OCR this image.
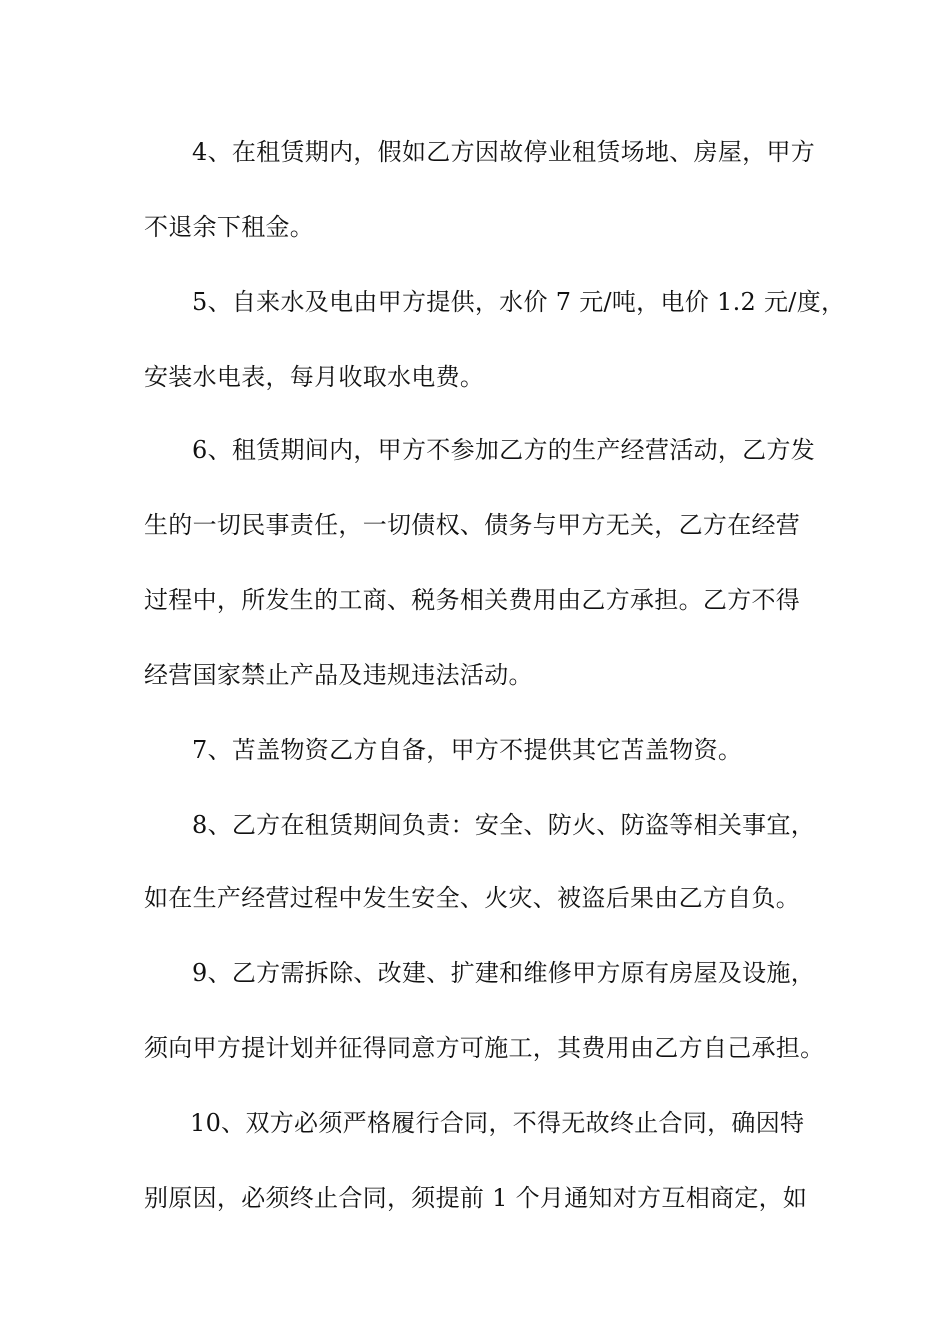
4、在租赁期内，假如乙方因故停业租赁场地、房屋，甲方
不退余下租金。
5、自来水及电由甲方提供，水价 7 元/吨，电价 1.2 元/度，
安装水电表，每月收取水电费。
6、租赁期间内，甲方不参加乙方的生产经营活动，乙方发
生的一切民事责任，一切债权、债务与甲方无关，乙方在经营
过程中，所发生的工商、税务相关费用由乙方承担。乙方不得
经营国家禁止产品及违规违法活动。
7、苫盖物资乙方自备，甲方不提供其它苫盖物资。
8、乙方在租赁期间负责：安全、防火、防盗等相关事宜，
如在生产经营过程中发生安全、火灾、被盗后果由乙方自负。
9、乙方需拆除、改建、扩建和维修甲方原有房屋及设施，
须向甲方提计划并征得同意方可施工，其费用由乙方自己承担。
10、双方必须严格履行合同，不得无故终止合同，确因特
别原因，必须终止合同，须提前 1 个月通知对方互相商定，如
